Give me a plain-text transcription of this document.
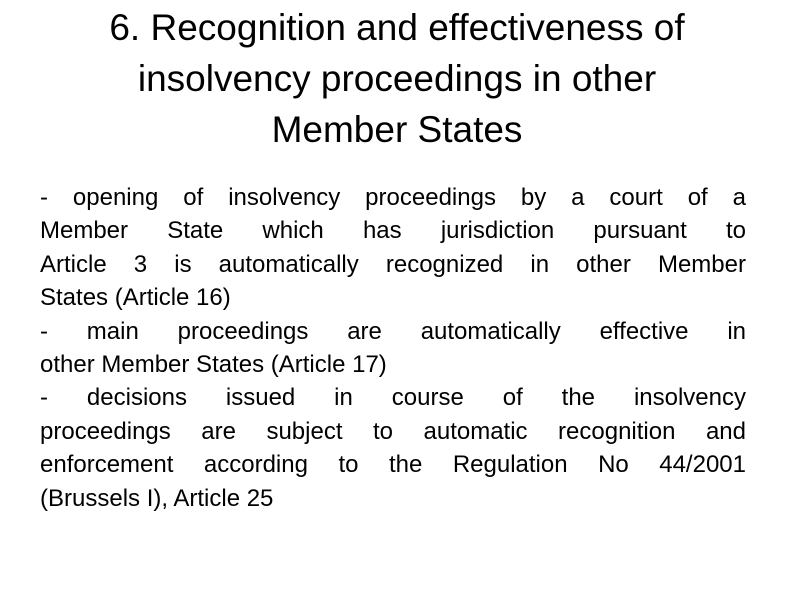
6. Recognition and effectiveness of
insolvency proceedings in other
Member States
- opening of insolvency proceedings by a court of a
Member State which has jurisdiction pursuant to
Article 3 is automatically recognized in other Member
States (Article 16)
- main proceedings are automatically effective in
other Member States (Article 17)
- decisions issued in course of the insolvency
proceedings are subject to automatic recognition and
enforcement according to the Regulation No 44/2001
(Brussels I), Article 25
